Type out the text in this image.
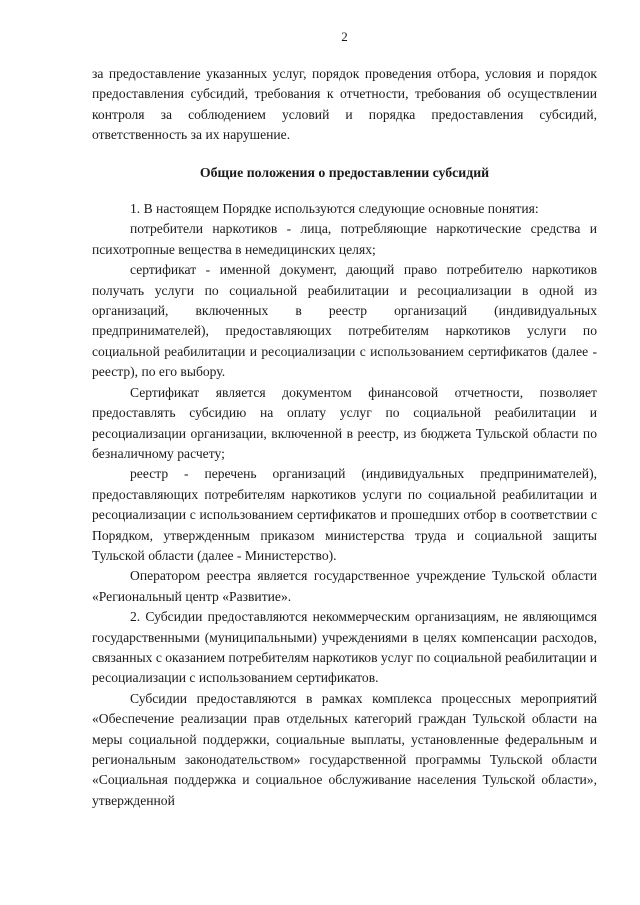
2

за предоставление указанных услуг, порядок проведения отбора, условия и порядок предоставления субсидий, требования к отчетности, требования об осуществлении контроля за соблюдением условий и порядка предоставления субсидий, ответственность за их нарушение.

Общие положения о предоставлении субсидий

1. В настоящем Порядке используются следующие основные понятия:

потребители наркотиков - лица, потребляющие наркотические средства и психотропные вещества в немедицинских целях;

сертификат - именной документ, дающий право потребителю наркотиков получать услуги по социальной реабилитации и ресоциализации в одной из организаций, включенных в реестр организаций (индивидуальных предпринимателей), предоставляющих потребителям наркотиков услуги по социальной реабилитации и ресоциализации с использованием сертификатов (далее - реестр), по его выбору.

Сертификат является документом финансовой отчетности, позволяет предоставлять субсидию на оплату услуг по социальной реабилитации и ресоциализации организации, включенной в реестр, из бюджета Тульской области по безналичному расчету;

реестр - перечень организаций (индивидуальных предпринимателей), предоставляющих потребителям наркотиков услуги по социальной реабилитации и ресоциализации с использованием сертификатов и прошедших отбор в соответствии с Порядком, утвержденным приказом министерства труда и социальной защиты Тульской области (далее - Министерство).

Оператором реестра является государственное учреждение Тульской области «Региональный центр «Развитие».

2. Субсидии предоставляются некоммерческим организациям, не являющимся государственными (муниципальными) учреждениями в целях компенсации расходов, связанных с оказанием потребителям наркотиков услуг по социальной реабилитации и ресоциализации с использованием сертификатов.

Субсидии предоставляются в рамках комплекса процессных мероприятий «Обеспечение реализации прав отдельных категорий граждан Тульской области на меры социальной поддержки, социальные выплаты, установленные федеральным и региональным законодательством» государственной программы Тульской области «Социальная поддержка и социальное обслуживание населения Тульской области», утвержденной
